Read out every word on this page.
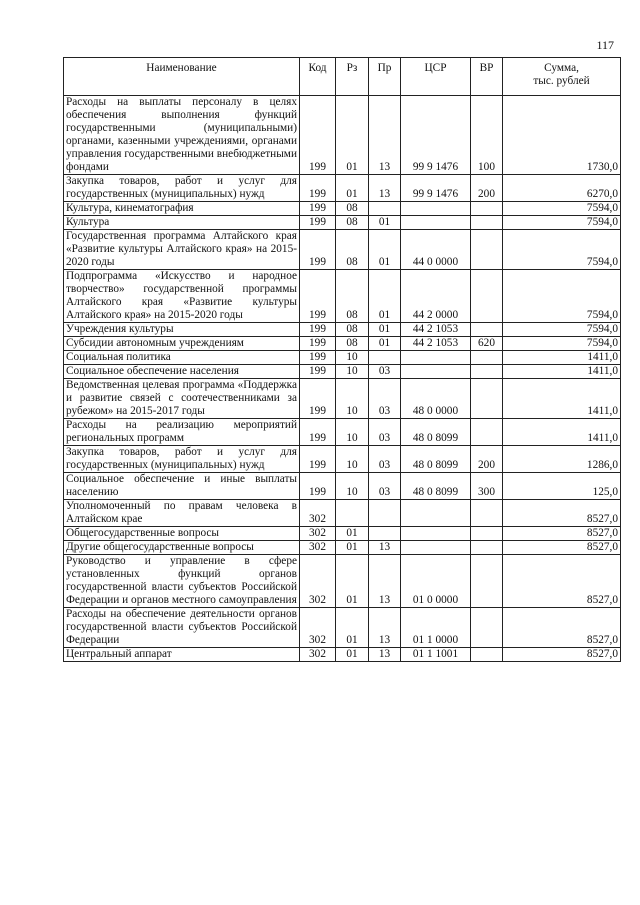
117
Наименование	Код	Рз	Пр	ЦСР	ВР	Сумма,
тыс. рублей
Расходы на выплаты персоналу в целях обеспечения выполнения функций государственными (муниципальными) органами, казенными учреждениями, органами управления государственными внебюджетными фондами	199	01	13	99 9 1476	100	1730,0
Закупка товаров, работ и услуг для государственных (муниципальных) нужд	199	01	13	99 9 1476	200	6270,0
Культура, кинематография	199	08				7594,0
Культура	199	08	01			7594,0
Государственная программа Алтайского края «Развитие культуры Алтайского края» на 2015-2020 годы	199	08	01	44 0 0000		7594,0
Подпрограмма «Искусство и народное творчество» государственной программы Алтайского края «Развитие культуры Алтайского края» на 2015-2020 годы	199	08	01	44 2 0000		7594,0
Учреждения культуры	199	08	01	44 2 1053		7594,0
Субсидии автономным учреждениям	199	08	01	44 2 1053	620	7594,0
Социальная политика	199	10				1411,0
Социальное обеспечение населения	199	10	03			1411,0
Ведомственная целевая программа «Поддержка и развитие связей с соотечественниками за рубежом» на 2015-2017 годы	199	10	03	48 0 0000		1411,0
Расходы на реализацию мероприятий региональных программ	199	10	03	48 0 8099		1411,0
Закупка товаров, работ и услуг для государственных (муниципальных) нужд	199	10	03	48 0 8099	200	1286,0
Социальное обеспечение и иные выплаты населению	199	10	03	48 0 8099	300	125,0
Уполномоченный по правам человека в Алтайском крае	302					8527,0
Общегосударственные вопросы	302	01				8527,0
Другие общегосударственные вопросы	302	01	13			8527,0
Руководство и управление в сфере установленных функций органов государственной власти субъектов Российской Федерации и органов местного самоуправления	302	01	13	01 0 0000		8527,0
Расходы на обеспечение деятельности органов государственной власти субъектов Российской Федерации	302	01	13	01 1 0000		8527,0
Центральный аппарат	302	01	13	01 1 1001		8527,0
